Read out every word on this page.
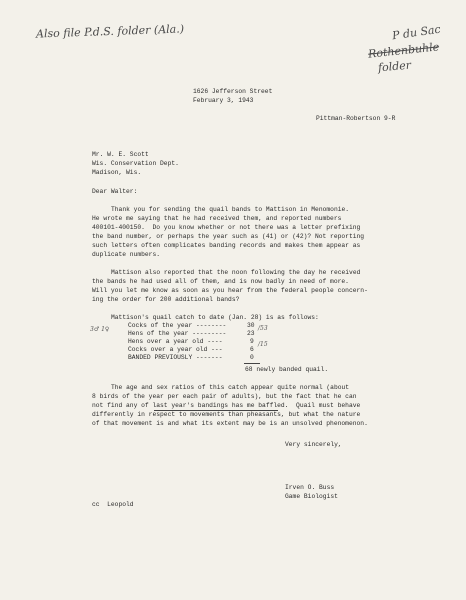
Also file P.d.S. folder (Ala.)	P du Sac
Rothenbuhle
folder
1626 Jefferson Street
February 3, 1943
Pittman-Robertson 9-R
Mr. W. E. Scott
Wis. Conservation Dept.
Madison, Wis.
Dear Walter:
Thank you for sending the quail bands to Mattison in Menomonie.
He wrote me saying that he had received them, and reported numbers
400101-400150.  Do you know whether or not there was a letter prefixing
the band number, or perhaps the year such as (41) or (42)? Not reporting
such letters often complicates banding records and makes them appear as
duplicate numbers.
Mattison also reported that the noon following the day he received
the bands he had used all of them, and is now badly in need of more.
Will you let me know as soon as you hear from the federal people concern-
ing the order for 200 additional bands?
Mattison's quail catch to date (Jan. 28) is as follows:
3♂ 1♀
Cocks of the year --------	30 /53
Hens of the year ---------	23
Hens over a year old ----	9 /15
Cocks over a year old ---	6
BANDED PREVIOUSLY -------	0
68 newly banded quail.
The age and sex ratios of this catch appear quite normal (about
8 birds of the year per each pair of adults), but the fact that he can
not find any of last year's bandings has me baffled.  Quail must behave
differently in respect to movements than pheasants, but what the nature
of that movement is and what its extent may be is an unsolved phenomenon.
Very sincerely,
Irven O. Buss
Game Biologist
cc  Leopold
